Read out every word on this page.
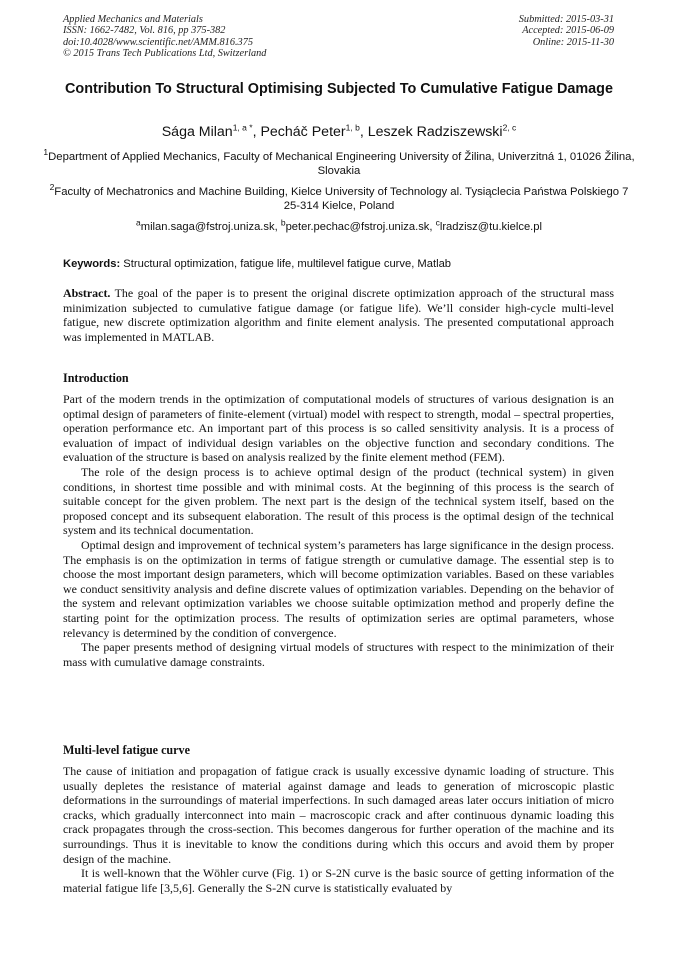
Applied Mechanics and Materials
ISSN: 1662-7482, Vol. 816, pp 375-382
doi:10.4028/www.scientific.net/AMM.816.375
© 2015 Trans Tech Publications Ltd, Switzerland
Submitted: 2015-03-31
Accepted: 2015-06-09
Online: 2015-11-30
Contribution To Structural Optimising Subjected To Cumulative Fatigue Damage
Sága Milan$^{1, a *}$, Pecháč Peter$^{1, b}$, Leszek Radziszewski$^{2, c}$
$^1$Department of Applied Mechanics, Faculty of Mechanical Engineering University of Žilina, Univerzitná 1, 01026 Žilina, Slovakia
$^2$Faculty of Mechatronics and Machine Building, Kielce University of Technology al. Tysiąclecia Państwa Polskiego 7 25-314 Kielce, Poland
$^a$milan.saga@fstroj.uniza.sk, $^b$peter.pechac@fstroj.uniza.sk, $^c$lradzisz@tu.kielce.pl
Keywords: Structural optimization, fatigue life, multilevel fatigue curve, Matlab

Abstract. The goal of the paper is to present the original discrete optimization approach of the structural mass minimization subjected to cumulative fatigue damage (or fatigue life). We’ll consider high-cycle multi-level fatigue, new discrete optimization algorithm and finite element analysis. The presented computational approach was implemented in MATLAB.

Introduction

Part of the modern trends in the optimization of computational models of structures of various designation is an optimal design of parameters of finite-element (virtual) model with respect to strength, modal – spectral properties, operation performance etc. An important part of this process is so called sensitivity analysis. It is a process of evaluation of impact of individual design variables on the objective function and secondary conditions. The evaluation of the structure is based on analysis realized by the finite element method (FEM).

The role of the design process is to achieve optimal design of the product (technical system) in given conditions, in shortest time possible and with minimal costs. At the beginning of this process is the search of suitable concept for the given problem. The next part is the design of the technical system itself, based on the proposed concept and its subsequent elaboration. The result of this process is the optimal design of the technical system and its technical documentation.

Optimal design and improvement of technical system’s parameters has large significance in the design process. The emphasis is on the optimization in terms of fatigue strength or cumulative damage. The essential step is to choose the most important design parameters, which will become optimization variables. Based on these variables we conduct sensitivity analysis and define discrete values of optimization variables. Depending on the behavior of the system and relevant optimization variables we choose suitable optimization method and properly define the starting point for the optimization process. The results of optimization series are optimal parameters, whose relevancy is determined by the condition of convergence.

The paper presents method of designing virtual models of structures with respect to the minimization of their mass with cumulative damage constraints.

Multi-level fatigue curve

The cause of initiation and propagation of fatigue crack is usually excessive dynamic loading of structure. This usually depletes the resistance of material against damage and leads to generation of microscopic plastic deformations in the surroundings of material imperfections. In such damaged areas later occurs initiation of micro cracks, which gradually interconnect into main – macroscopic crack and after continuous dynamic loading this crack propagates through the cross-section. This becomes dangerous for further operation of the machine and its surroundings. Thus it is inevitable to know the conditions during which this occurs and avoid them by proper design of the machine.

It is well-known that the Wöhler curve (Fig. 1) or S-2N curve is the basic source of getting information of the material fatigue life [3,5,6]. Generally the S-2N curve is statistically evaluated by
